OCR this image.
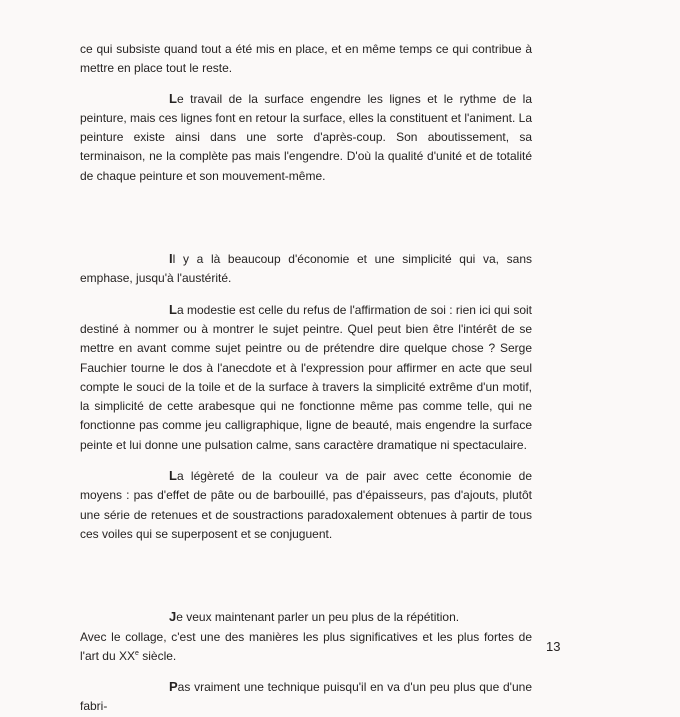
ce qui subsiste quand tout a été mis en place, et en même temps ce qui contribue à mettre en place tout le reste.

Le travail de la surface engendre les lignes et le rythme de la peinture, mais ces lignes font en retour la surface, elles la constituent et l'animent. La peinture existe ainsi dans une sorte d'après-coup. Son aboutissement, sa terminaison, ne la complète pas mais l'engendre. D'où la qualité d'unité et de totalité de chaque peinture et son mouvement-même.

Il y a là beaucoup d'économie et une simplicité qui va, sans emphase, jusqu'à l'austérité.

La modestie est celle du refus de l'affirmation de soi : rien ici qui soit destiné à nommer ou à montrer le sujet peintre. Quel peut bien être l'intérêt de se mettre en avant comme sujet peintre ou de prétendre dire quelque chose ? Serge Fauchier tourne le dos à l'anecdote et à l'expression pour affirmer en acte que seul compte le souci de la toile et de la surface à travers la simplicité extrême d'un motif, la simplicité de cette arabesque qui ne fonctionne même pas comme telle, qui ne fonctionne pas comme jeu calligraphique, ligne de beauté, mais engendre la surface peinte et lui donne une pulsation calme, sans caractère dramatique ni spectaculaire.

La légèreté de la couleur va de pair avec cette économie de moyens : pas d'effet de pâte ou de barbouillé, pas d'épaisseurs, pas d'ajouts, plutôt une série de retenues et de soustractions paradoxalement obtenues à partir de tous ces voiles qui se superposent et se conjuguent.

Je veux maintenant parler un peu plus de la répétition.

Avec le collage, c'est une des manières les plus significatives et les plus fortes de l'art du XXe siècle.

Pas vraiment une technique puisqu'il en va d'un peu plus que d'une fabri-

13
